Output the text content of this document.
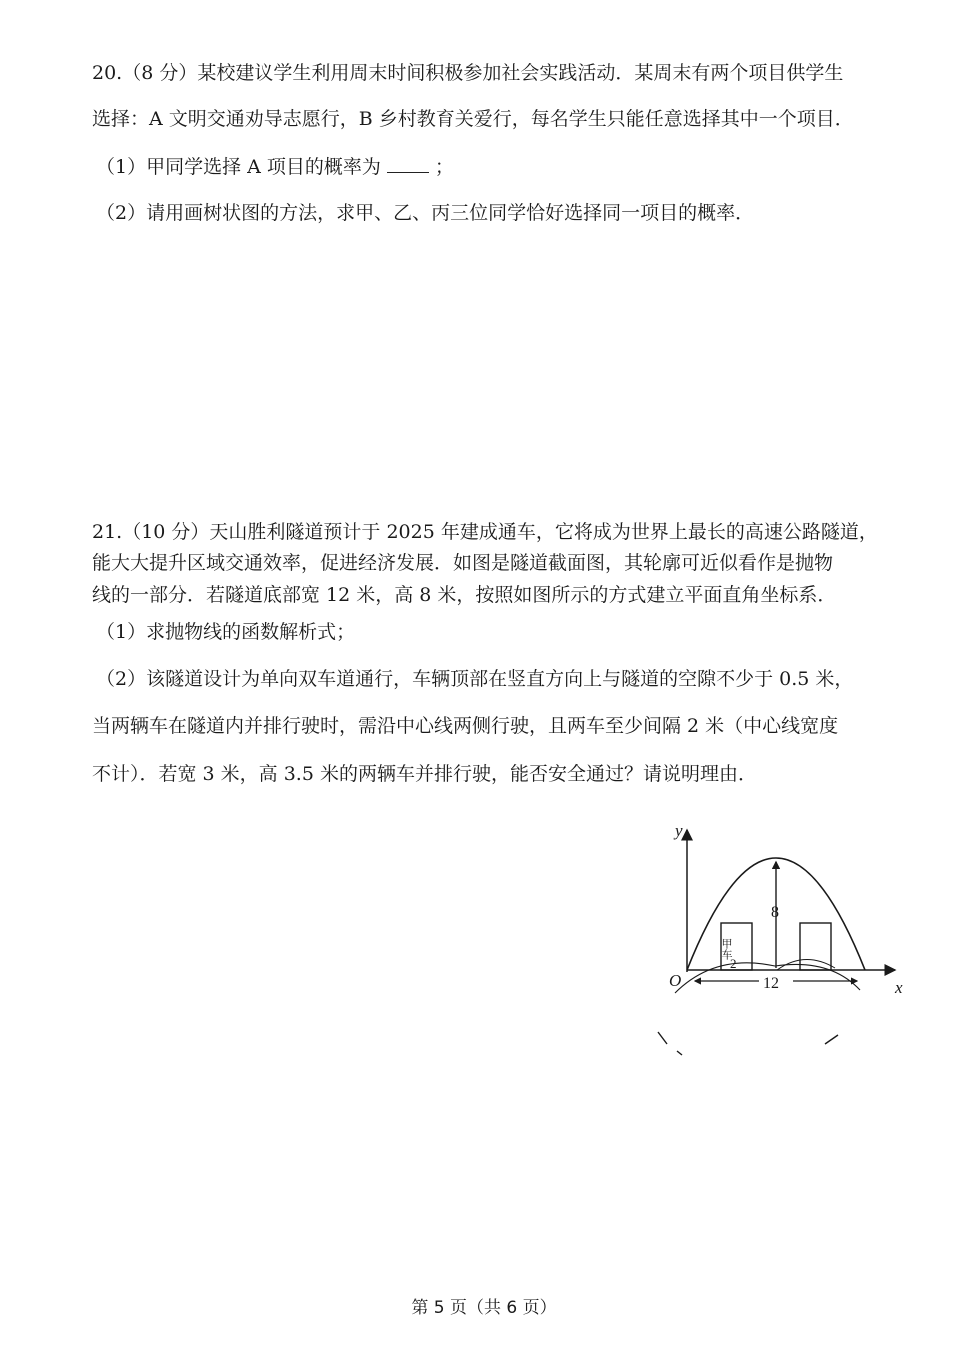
20.（8 分）某校建议学生利用周末时间积极参加社会实践活动．某周末有两个项目供学生
选择：A 文明交通劝导志愿行，B 乡村教育关爱行，每名学生只能任意选择其中一个项目．
（1）甲同学选择 A 项目的概率为	；
（2）请用画树状图的方法，求甲、乙、丙三位同学恰好选择同一项目的概率．
21.（10 分）天山胜利隧道预计于 2025 年建成通车，它将成为世界上最长的高速公路隧道，
能大大提升区域交通效率，促进经济发展．如图是隧道截面图，其轮廓可近似看作是抛物
线的一部分．若隧道底部宽 12 米，高 8 米，按照如图所示的方式建立平面直角坐标系．
（1）求抛物线的函数解析式；
（2）该隧道设计为单向双车道通行，车辆顶部在竖直方向上与隧道的空隙不少于 0.5 米，
当两辆车在隧道内并排行驶时，需沿中心线两侧行驶，且两车至少间隔 2 米（中心线宽度
不计）．若宽 3 米，高 3.5 米的两辆车并排行驶，能否安全通过？请说明理由．
y
x
O
8
12
甲车
2
第 5 页（共 6 页）
